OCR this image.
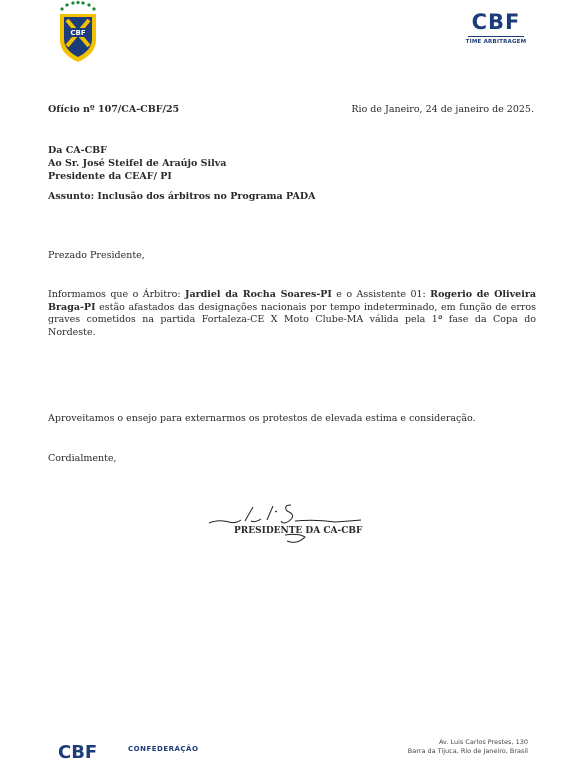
CBF	CBF
TIME ARBITRAGEM
Ofício nº 107/CA-CBF/25	Rio de Janeiro, 24 de janeiro de 2025.
Da CA-CBF
Ao Sr. José Steifel de Araújo Silva
Presidente da CEAF/ PI
Assunto: Inclusão dos árbitros no Programa PADA
Prezado Presidente,
Informamos que o Árbitro: Jardiel da Rocha Soares-PI e o Assistente 01: Rogerio de Oliveira Braga-PI estão afastados das designações nacionais por tempo indeterminado, em função de erros graves cometidos na partida Fortaleza-CE X Moto Clube-MA válida pela 1ª fase da Copa do Nordeste.
Aproveitamos o ensejo para externarmos os protestos de elevada estima e consideração.
Cordialmente,
PRESIDENTE DA CA-CBF
CBF	CONFEDERAÇÃO
Av. Luis Carlos Prestes, 130
Barra da Tijuca, Rio de Janeiro, Brasil
